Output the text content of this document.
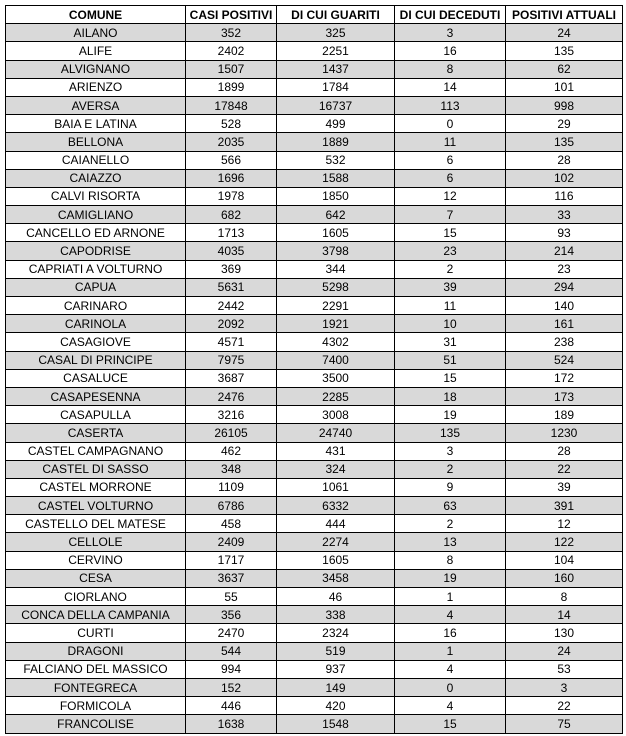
COMUNE	CASI POSITIVI	DI CUI GUARITI	DI CUI DECEDUTI	POSITIVI ATTUALI
AILANO	352	325	3	24
ALIFE	2402	2251	16	135
ALVIGNANO	1507	1437	8	62
ARIENZO	1899	1784	14	101
AVERSA	17848	16737	113	998
BAIA E LATINA	528	499	0	29
BELLONA	2035	1889	11	135
CAIANELLO	566	532	6	28
CAIAZZO	1696	1588	6	102
CALVI RISORTA	1978	1850	12	116
CAMIGLIANO	682	642	7	33
CANCELLO ED ARNONE	1713	1605	15	93
CAPODRISE	4035	3798	23	214
CAPRIATI A VOLTURNO	369	344	2	23
CAPUA	5631	5298	39	294
CARINARO	2442	2291	11	140
CARINOLA	2092	1921	10	161
CASAGIOVE	4571	4302	31	238
CASAL DI PRINCIPE	7975	7400	51	524
CASALUCE	3687	3500	15	172
CASAPESENNA	2476	2285	18	173
CASAPULLA	3216	3008	19	189
CASERTA	26105	24740	135	1230
CASTEL CAMPAGNANO	462	431	3	28
CASTEL DI SASSO	348	324	2	22
CASTEL MORRONE	1109	1061	9	39
CASTEL VOLTURNO	6786	6332	63	391
CASTELLO DEL MATESE	458	444	2	12
CELLOLE	2409	2274	13	122
CERVINO	1717	1605	8	104
CESA	3637	3458	19	160
CIORLANO	55	46	1	8
CONCA DELLA CAMPANIA	356	338	4	14
CURTI	2470	2324	16	130
DRAGONI	544	519	1	24
FALCIANO DEL MASSICO	994	937	4	53
FONTEGRECA	152	149	0	3
FORMICOLA	446	420	4	22
FRANCOLISE	1638	1548	15	75
